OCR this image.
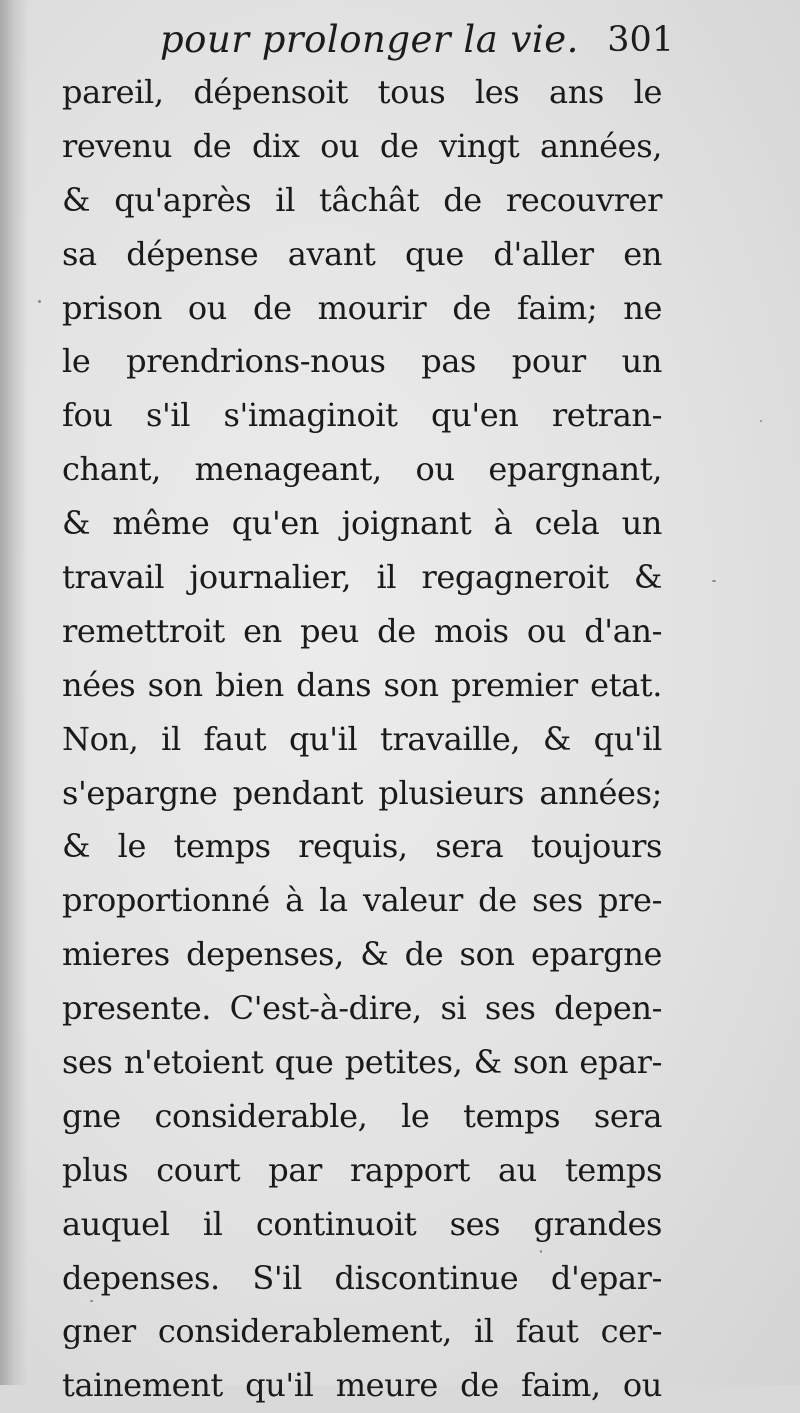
pour prolonger la vie. 301
pareil, dépensoit tous les ans le
revenu de dix ou de vingt années,
& qu'après il tâchât de recouvrer
sa dépense avant que d'aller en
prison ou de mourir de faim; ne
le prendrions-nous pas pour un
fou s'il s'imaginoit qu'en retran-
chant, menageant, ou epargnant,
& même qu'en joignant à cela un
travail journalier, il regagneroit &
remettroit en peu de mois ou d'an-
nées son bien dans son premier etat.
Non, il faut qu'il travaille, & qu'il
s'epargne pendant plusieurs années;
& le temps requis, sera toujours
proportionné à la valeur de ses pre-
mieres depenses, & de son epargne
presente. C'est-à-dire, si ses depen-
ses n'etoient que petites, & son epar-
gne considerable, le temps sera
plus court par rapport au temps
auquel il continuoit ses grandes
depenses. S'il discontinue d'epar-
gner considerablement, il faut cer-
tainement qu'il meure de faim, ou
